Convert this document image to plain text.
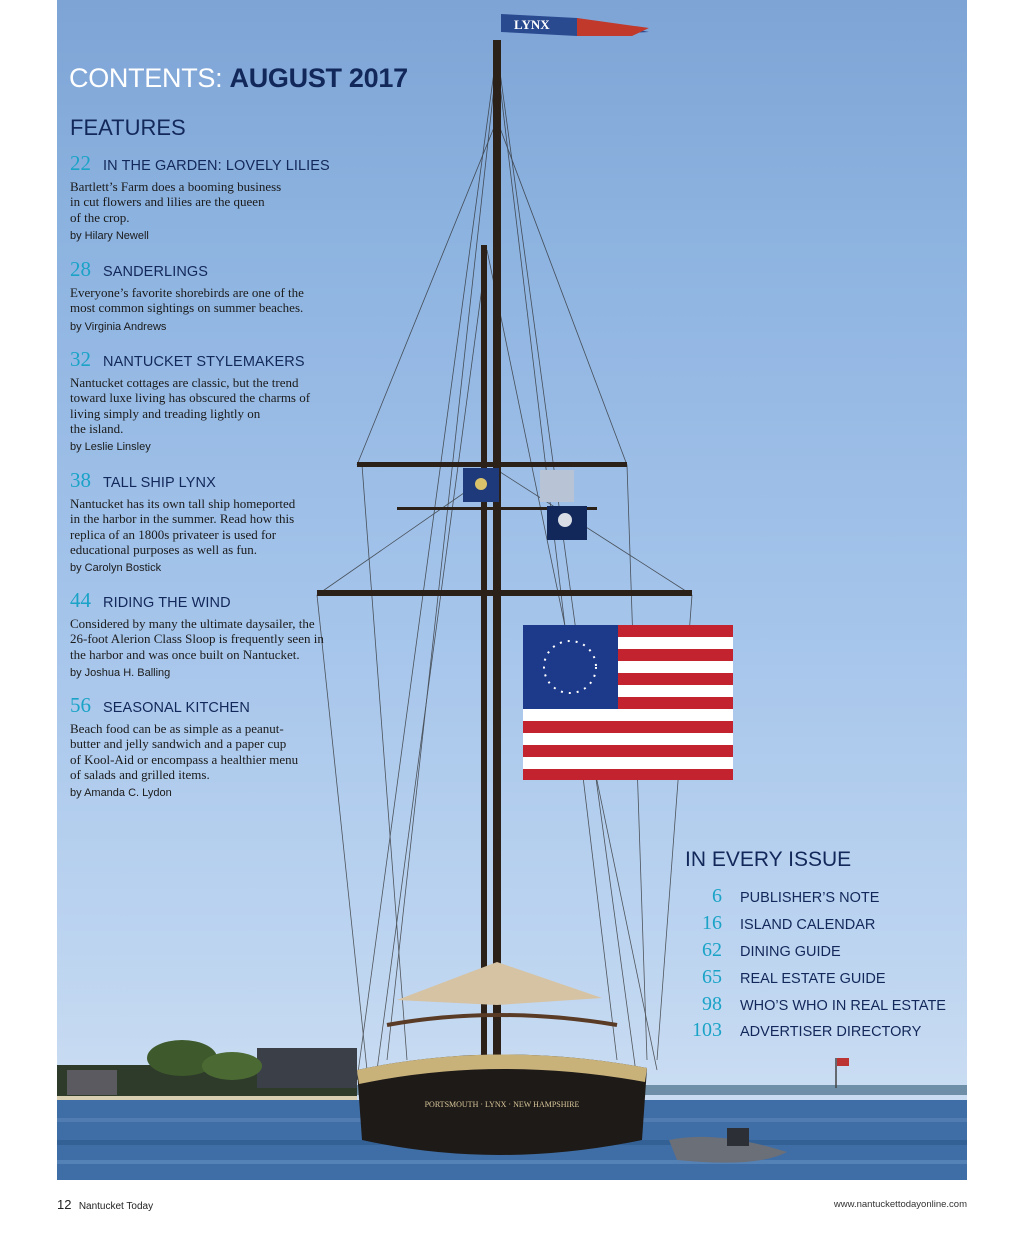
LYNX
PORTSMOUTH · LYNX · NEW HAMPSHIRE
CONTENTS: AUGUST 2017
FEATURES
22 IN THE GARDEN: LOVELY LILIES
Bartlett’s Farm does a booming business
in cut flowers and lilies are the queen
of the crop.
by Hilary Newell
28 SANDERLINGS
Everyone’s favorite shorebirds are one of the
most common sightings on summer beaches.
by Virginia Andrews
32 NANTUCKET STYLEMAKERS
Nantucket cottages are classic, but the trend
toward luxe living has obscured the charms of
living simply and treading lightly on
the island.
by Leslie Linsley
38 TALL SHIP LYNX
Nantucket has its own tall ship homeported
in the harbor in the summer. Read how this
replica of an 1800s privateer is used for
educational purposes as well as fun.
by Carolyn Bostick
44 RIDING THE WIND
Considered by many the ultimate daysailer, the
26-foot Alerion Class Sloop is frequently seen in
the harbor and was once built on Nantucket.
by Joshua H. Balling
56 SEASONAL KITCHEN
Beach food can be as simple as a peanut-
butter and jelly sandwich and a paper cup
of Kool-Aid or encompass a healthier menu
of salads and grilled items.
by Amanda C. Lydon
IN EVERY ISSUE
6 PUBLISHER’S NOTE
16 ISLAND CALENDAR
62 DINING GUIDE
65 REAL ESTATE GUIDE
98 WHO’S WHO IN REAL ESTATE
103 ADVERTISER DIRECTORY
12 Nantucket Today	www.nantuckettodayonline.com
